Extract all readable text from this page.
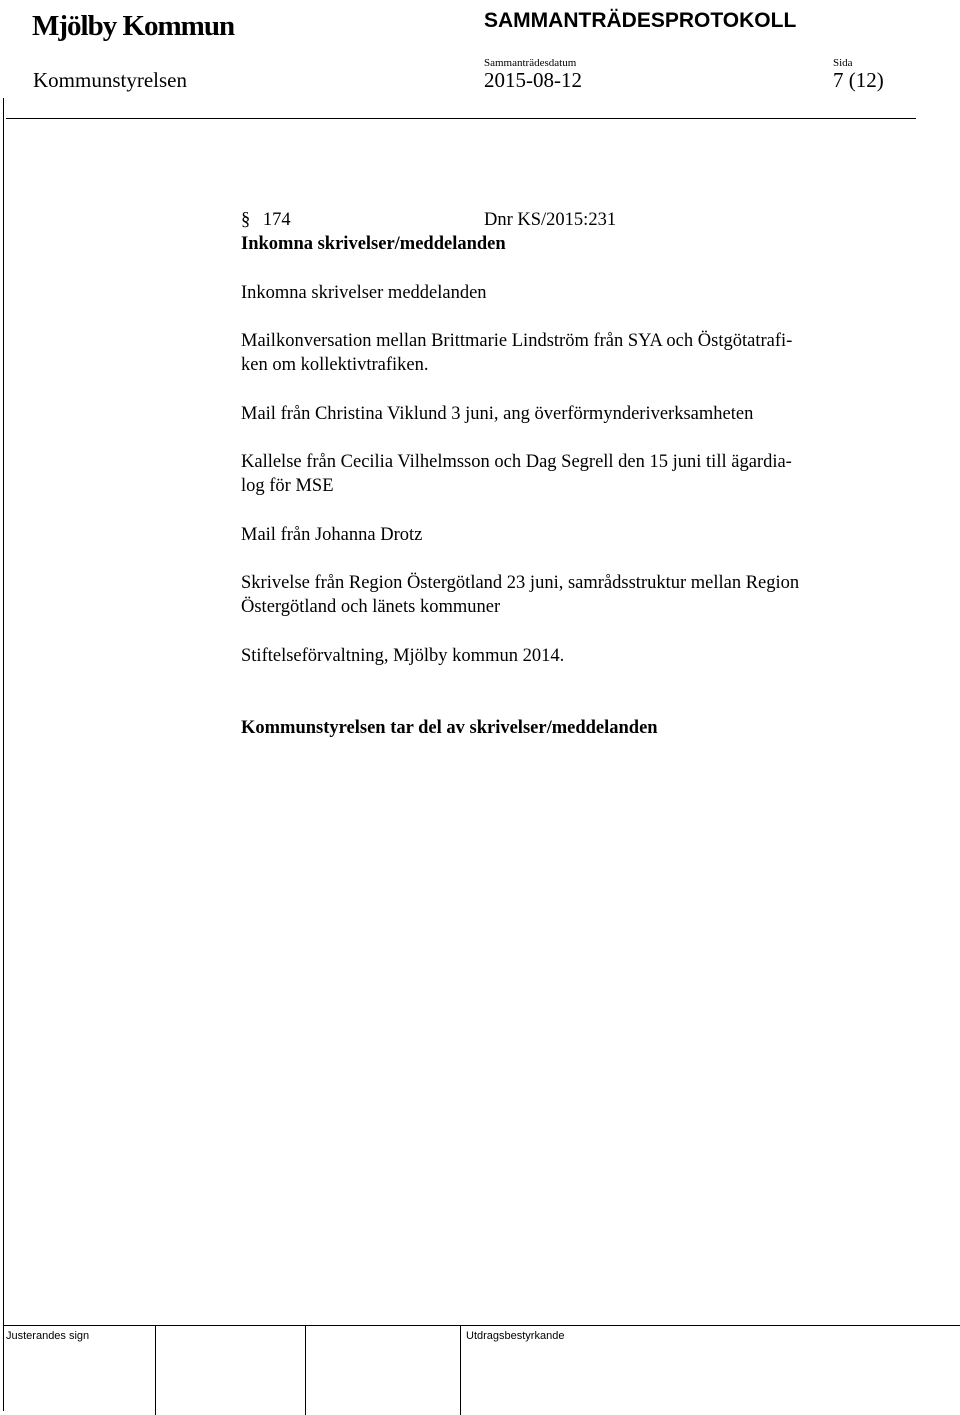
Mjölby Kommun	SAMMANTRÄDESPROTOKOLL
Sammanträdesdatum	Sida
Kommunstyrelsen	2015-08-12	7 (12)
§ 174	Dnr KS/2015:231
Inkomna skrivelser/meddelanden
Inkomna skrivelser meddelanden
Mailkonversation mellan Brittmarie Lindström från SYA och Östgötatrafi-
ken om kollektivtrafiken.
Mail från Christina Viklund 3 juni, ang överförmynderiverksamheten
Kallelse från Cecilia Vilhelmsson och Dag Segrell den 15 juni till ägardia-
log för MSE
Mail från Johanna Drotz
Skrivelse från Region Östergötland 23 juni, samrådsstruktur mellan Region
Östergötland och länets kommuner
Stiftelseförvaltning, Mjölby kommun 2014.
Kommunstyrelsen tar del av skrivelser/meddelanden
Justerandes sign	Utdragsbestyrkande
